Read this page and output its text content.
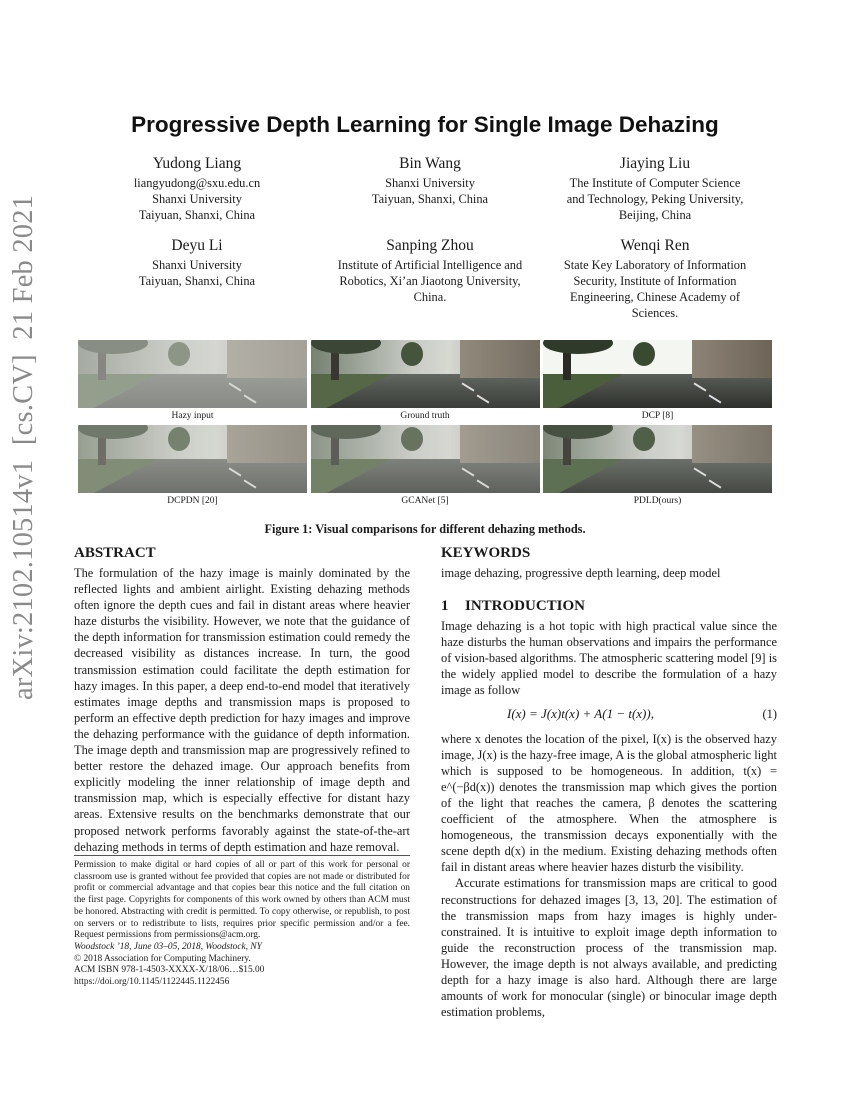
arXiv:2102.10514v1  [cs.CV]  21 Feb 2021
Progressive Depth Learning for Single Image Dehazing
Yudong Liang
liangyudong@sxu.edu.cn
Shanxi University
Taiyuan, Shanxi, China
Bin Wang
Shanxi University
Taiyuan, Shanxi, China
Jiaying Liu
The Institute of Computer Science
and Technology, Peking University,
Beijing, China
Deyu Li
Shanxi University
Taiyuan, Shanxi, China
Sanping Zhou
Institute of Artificial Intelligence and
Robotics, Xi’an Jiaotong University,
China.
Wenqi Ren
State Key Laboratory of Information
Security, Institute of Information
Engineering, Chinese Academy of
Sciences.
Hazy input	Ground truth	DCP [8]
DCPDN [20]	GCANet [5]	PDLD(ours)
Figure 1: Visual comparisons for different dehazing methods.
ABSTRACT

The formulation of the hazy image is mainly dominated by the reflected lights and ambient airlight. Existing dehazing methods often ignore the depth cues and fail in distant areas where heavier haze disturbs the visibility. However, we note that the guidance of the depth information for transmission estimation could remedy the decreased visibility as distances increase. In turn, the good transmission estimation could facilitate the depth estimation for hazy images. In this paper, a deep end-to-end model that iteratively estimates image depths and transmission maps is proposed to perform an effective depth prediction for hazy images and improve the dehazing performance with the guidance of depth information. The image depth and transmission map are progressively refined to better restore the dehazed image. Our approach benefits from explicitly modeling the inner relationship of image depth and transmission map, which is especially effective for distant hazy areas. Extensive results on the benchmarks demonstrate that our proposed network performs favorably against the state-of-the-art dehazing methods in terms of depth estimation and haze removal.

Permission to make digital or hard copies of all or part of this work for personal or classroom use is granted without fee provided that copies are not made or distributed for profit or commercial advantage and that copies bear this notice and the full citation on the first page. Copyrights for components of this work owned by others than ACM must be honored. Abstracting with credit is permitted. To copy otherwise, or republish, to post on servers or to redistribute to lists, requires prior specific permission and/or a fee. Request permissions from permissions@acm.org.

Woodstock ’18, June 03–05, 2018, Woodstock, NY

© 2018 Association for Computing Machinery.

ACM ISBN 978-1-4503-XXXX-X/18/06…$15.00

https://doi.org/10.1145/1122445.1122456

KEYWORDS

image dehazing, progressive depth learning, deep model

1 INTRODUCTION

Image dehazing is a hot topic with high practical value since the haze disturbs the human observations and impairs the performance of vision-based algorithms. The atmospheric scattering model [9] is the widely applied model to describe the formulation of a hazy image as follow

I(x) = J(x)t(x) + A(1 − t(x)),	(1)

where x denotes the location of the pixel, I(x) is the observed hazy image, J(x) is the hazy-free image, A is the global atmospheric light which is supposed to be homogeneous. In addition, t(x) = e^(−βd(x)) denotes the transmission map which gives the portion of the light that reaches the camera, β denotes the scattering coefficient of the atmosphere. When the atmosphere is homogeneous, the transmission decays exponentially with the scene depth d(x) in the medium. Existing dehazing methods often fail in distant areas where heavier hazes disturb the visibility.

Accurate estimations for transmission maps are critical to good reconstructions for dehazed images [3, 13, 20]. The estimation of the transmission maps from hazy images is highly under-constrained. It is intuitive to exploit image depth information to guide the reconstruction process of the transmission map. However, the image depth is not always available, and predicting depth for a hazy image is also hard. Although there are large amounts of work for monocular (single) or binocular image depth estimation problems,
